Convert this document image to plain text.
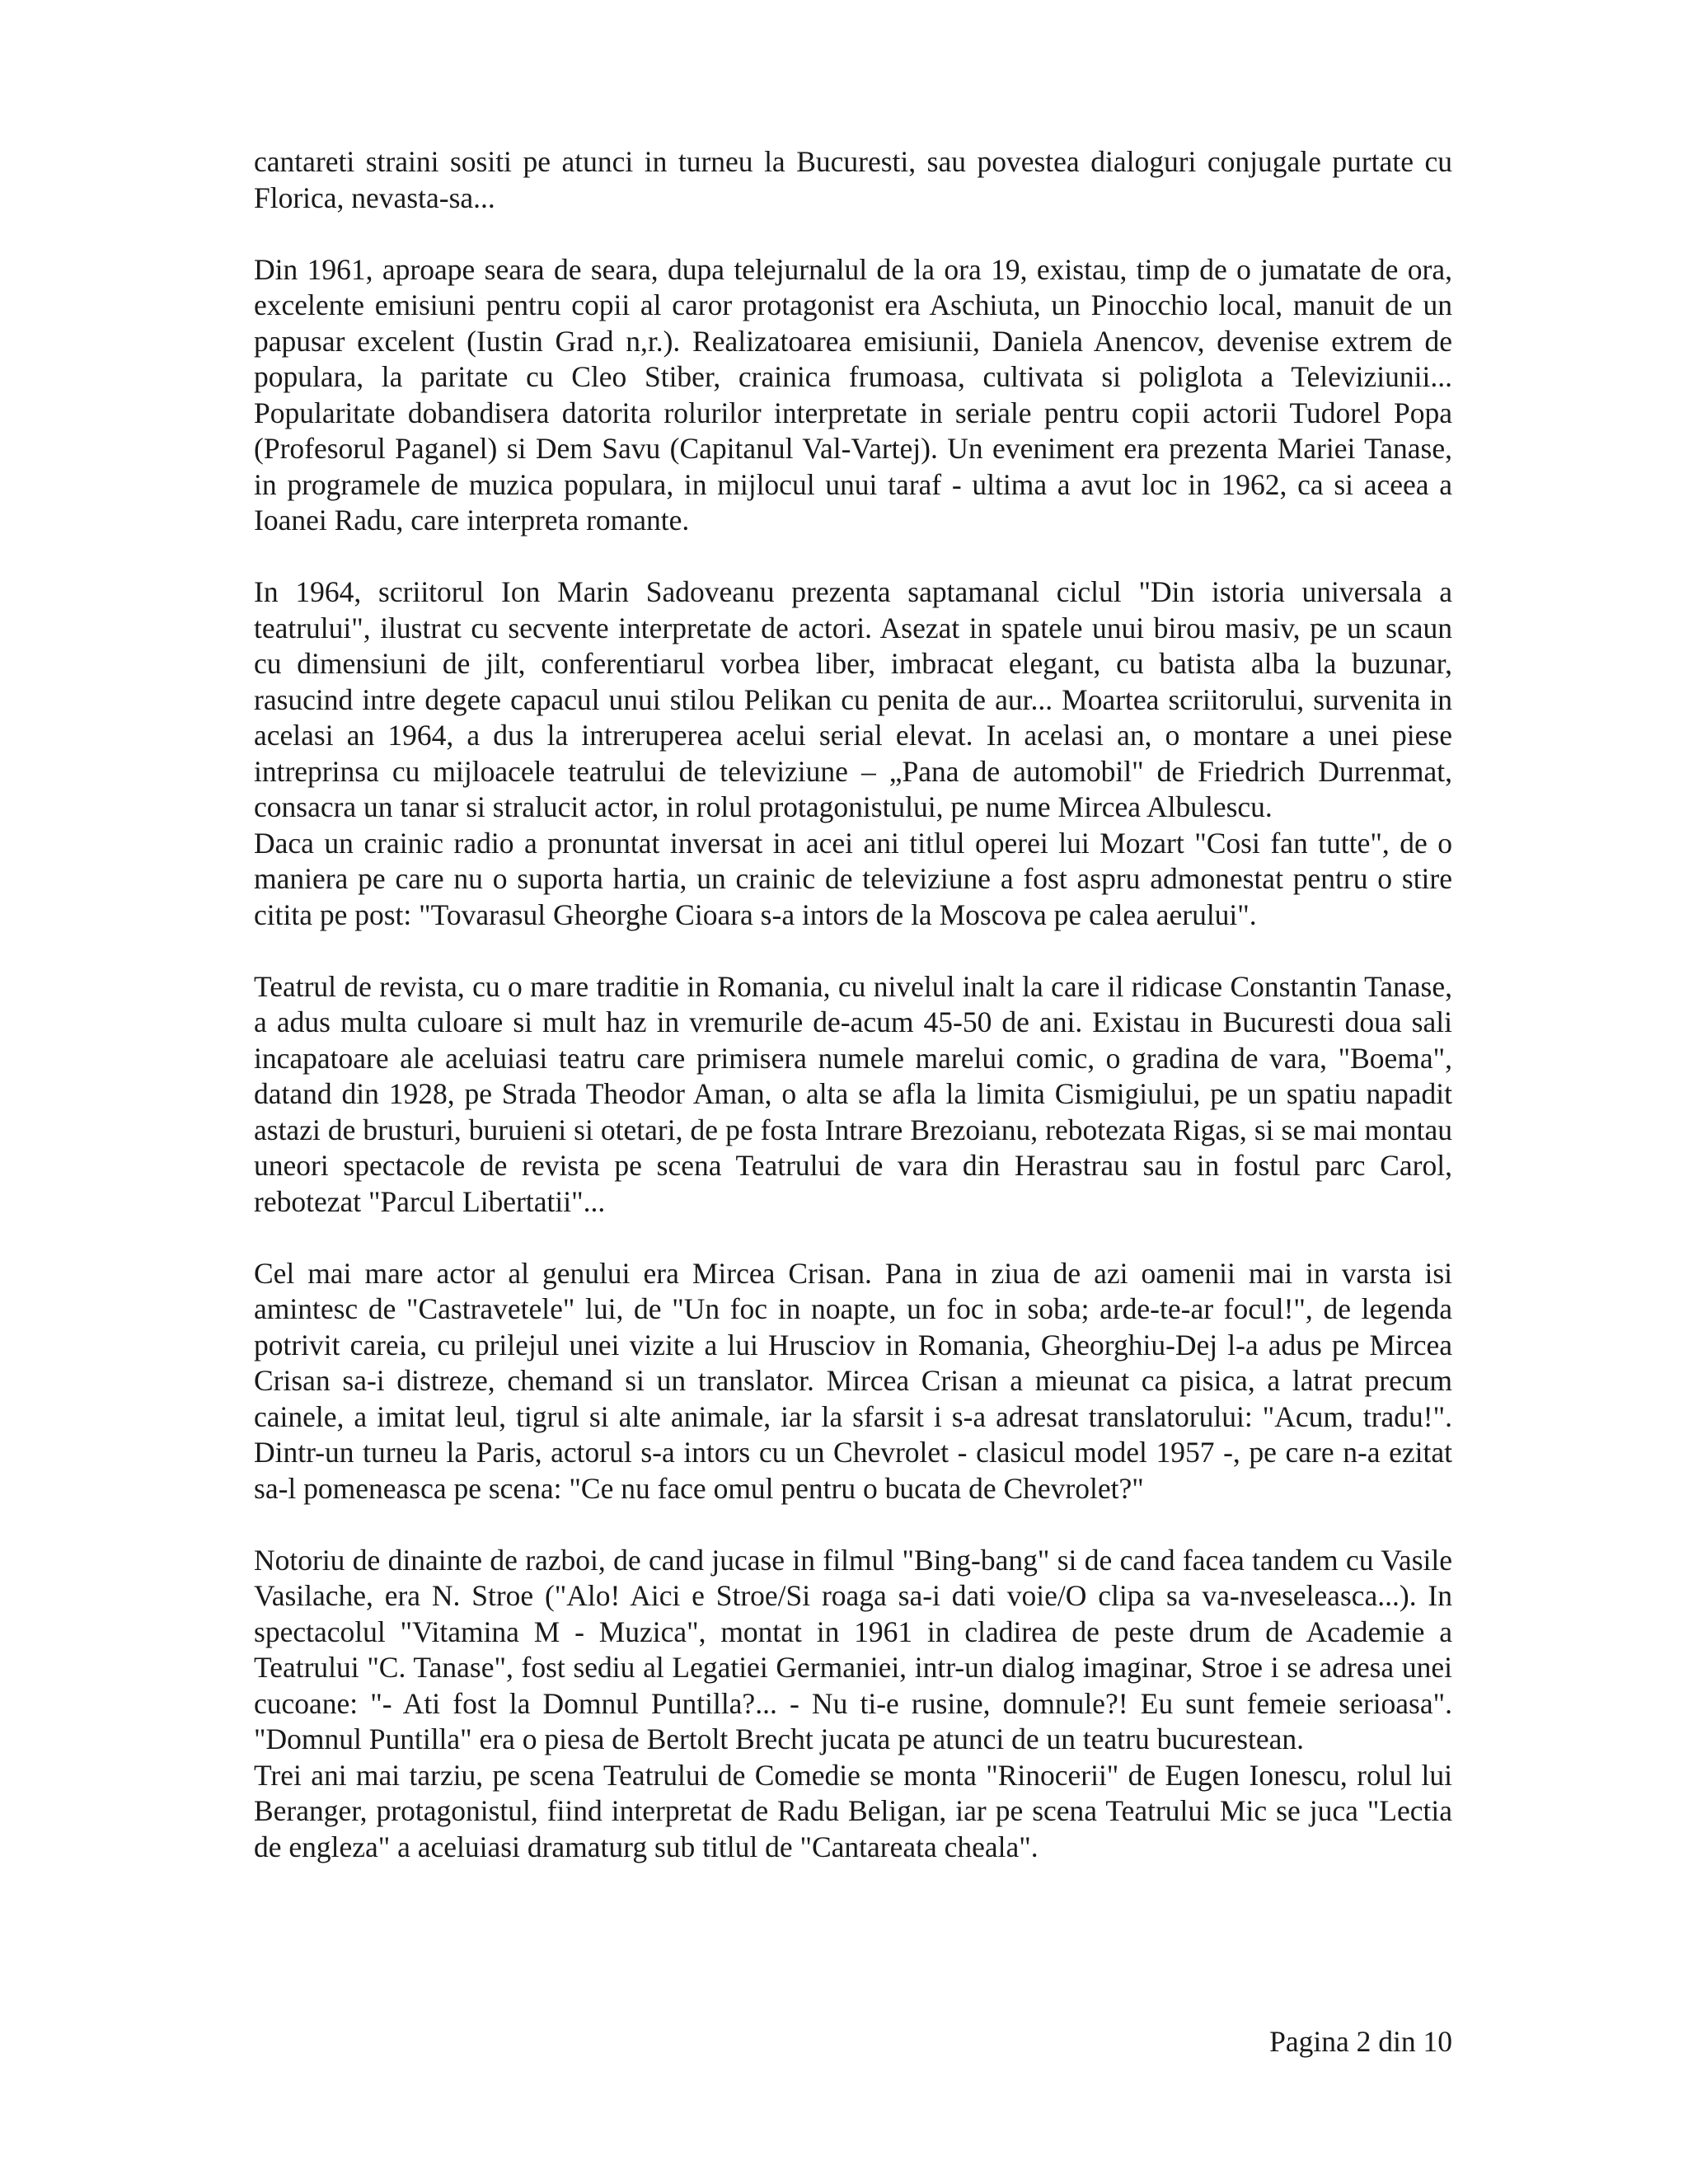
cantareti straini sositi pe atunci in turneu la Bucuresti, sau povestea dialoguri conjugale purtate cu Florica, nevasta-sa...

Din 1961, aproape seara de seara, dupa telejurnalul de la ora 19, existau, timp de o jumatate de ora, excelente emisiuni pentru copii al caror protagonist era Aschiuta, un Pinocchio local, manuit de un papusar excelent (Iustin Grad n,r.). Realizatoarea emisiunii, Daniela Anencov, devenise extrem de populara, la paritate cu Cleo Stiber, crainica frumoasa, cultivata si poliglota a Televiziunii... Popularitate dobandisera datorita rolurilor interpretate in seriale pentru copii actorii Tudorel Popa (Profesorul Paganel) si Dem Savu (Capitanul Val-Vartej). Un eveniment era prezenta Mariei Tanase, in programele de muzica populara, in mijlocul unui taraf - ultima a avut loc in 1962, ca si aceea a Ioanei Radu, care interpreta romante.

In 1964, scriitorul Ion Marin Sadoveanu prezenta saptamanal ciclul "Din istoria universala a teatrului", ilustrat cu secvente interpretate de actori. Asezat in spatele unui birou masiv, pe un scaun cu dimensiuni de jilt, conferentiarul vorbea liber, imbracat elegant, cu batista alba la buzunar, rasucind intre degete capacul unui stilou Pelikan cu penita de aur... Moartea scriitorului, survenita in acelasi an 1964, a dus la intreruperea acelui serial elevat. In acelasi an, o montare a unei piese intreprinsa cu mijloacele teatrului de televiziune – „Pana de automobil" de Friedrich Durrenmat, consacra un tanar si stralucit actor, in rolul protagonistului, pe nume Mircea Albulescu.

Daca un crainic radio a pronuntat inversat in acei ani titlul operei lui Mozart "Cosi fan tutte", de o maniera pe care nu o suporta hartia, un crainic de televiziune a fost aspru admonestat pentru o stire citita pe post: "Tovarasul Gheorghe Cioara s-a intors de la Moscova pe calea aerului".

Teatrul de revista, cu o mare traditie in Romania, cu nivelul inalt la care il ridicase Constantin Tanase, a adus multa culoare si mult haz in vremurile de-acum 45-50 de ani. Existau in Bucuresti doua sali incapatoare ale aceluiasi teatru care primisera numele marelui comic, o gradina de vara, "Boema", datand din 1928, pe Strada Theodor Aman, o alta se afla la limita Cismigiului, pe un spatiu napadit astazi de brusturi, buruieni si otetari, de pe fosta Intrare Brezoianu, rebotezata Rigas, si se mai montau uneori spectacole de revista pe scena Teatrului de vara din Herastrau sau in fostul parc Carol, rebotezat "Parcul Libertatii"...

Cel mai mare actor al genului era Mircea Crisan. Pana in ziua de azi oamenii mai in varsta isi amintesc de "Castravetele" lui, de "Un foc in noapte, un foc in soba; arde-te-ar focul!", de legenda potrivit careia, cu prilejul unei vizite a lui Hrusciov in Romania, Gheorghiu-Dej l-a adus pe Mircea Crisan sa-i distreze, chemand si un translator. Mircea Crisan a mieunat ca pisica, a latrat precum cainele, a imitat leul, tigrul si alte animale, iar la sfarsit i s-a adresat translatorului: "Acum, tradu!". Dintr-un turneu la Paris, actorul s-a intors cu un Chevrolet - clasicul model 1957 -, pe care n-a ezitat sa-l pomeneasca pe scena: "Ce nu face omul pentru o bucata de Chevrolet?"

Notoriu de dinainte de razboi, de cand jucase in filmul "Bing-bang" si de cand facea tandem cu Vasile Vasilache, era N. Stroe ("Alo! Aici e Stroe/Si roaga sa-i dati voie/O clipa sa va-nveseleasca...). In spectacolul "Vitamina M - Muzica", montat in 1961 in cladirea de peste drum de Academie a Teatrului "C. Tanase", fost sediu al Legatiei Germaniei, intr-un dialog imaginar, Stroe i se adresa unei cucoane: "- Ati fost la Domnul Puntilla?... - Nu ti-e rusine, domnule?! Eu sunt femeie serioasa". "Domnul Puntilla" era o piesa de Bertolt Brecht jucata pe atunci de un teatru bucurestean.

Trei ani mai tarziu, pe scena Teatrului de Comedie se monta "Rinocerii" de Eugen Ionescu, rolul lui Beranger, protagonistul, fiind interpretat de Radu Beligan, iar pe scena Teatrului Mic se juca "Lectia de engleza" a aceluiasi dramaturg sub titlul de "Cantareata cheala".

Pagina 2 din 10
